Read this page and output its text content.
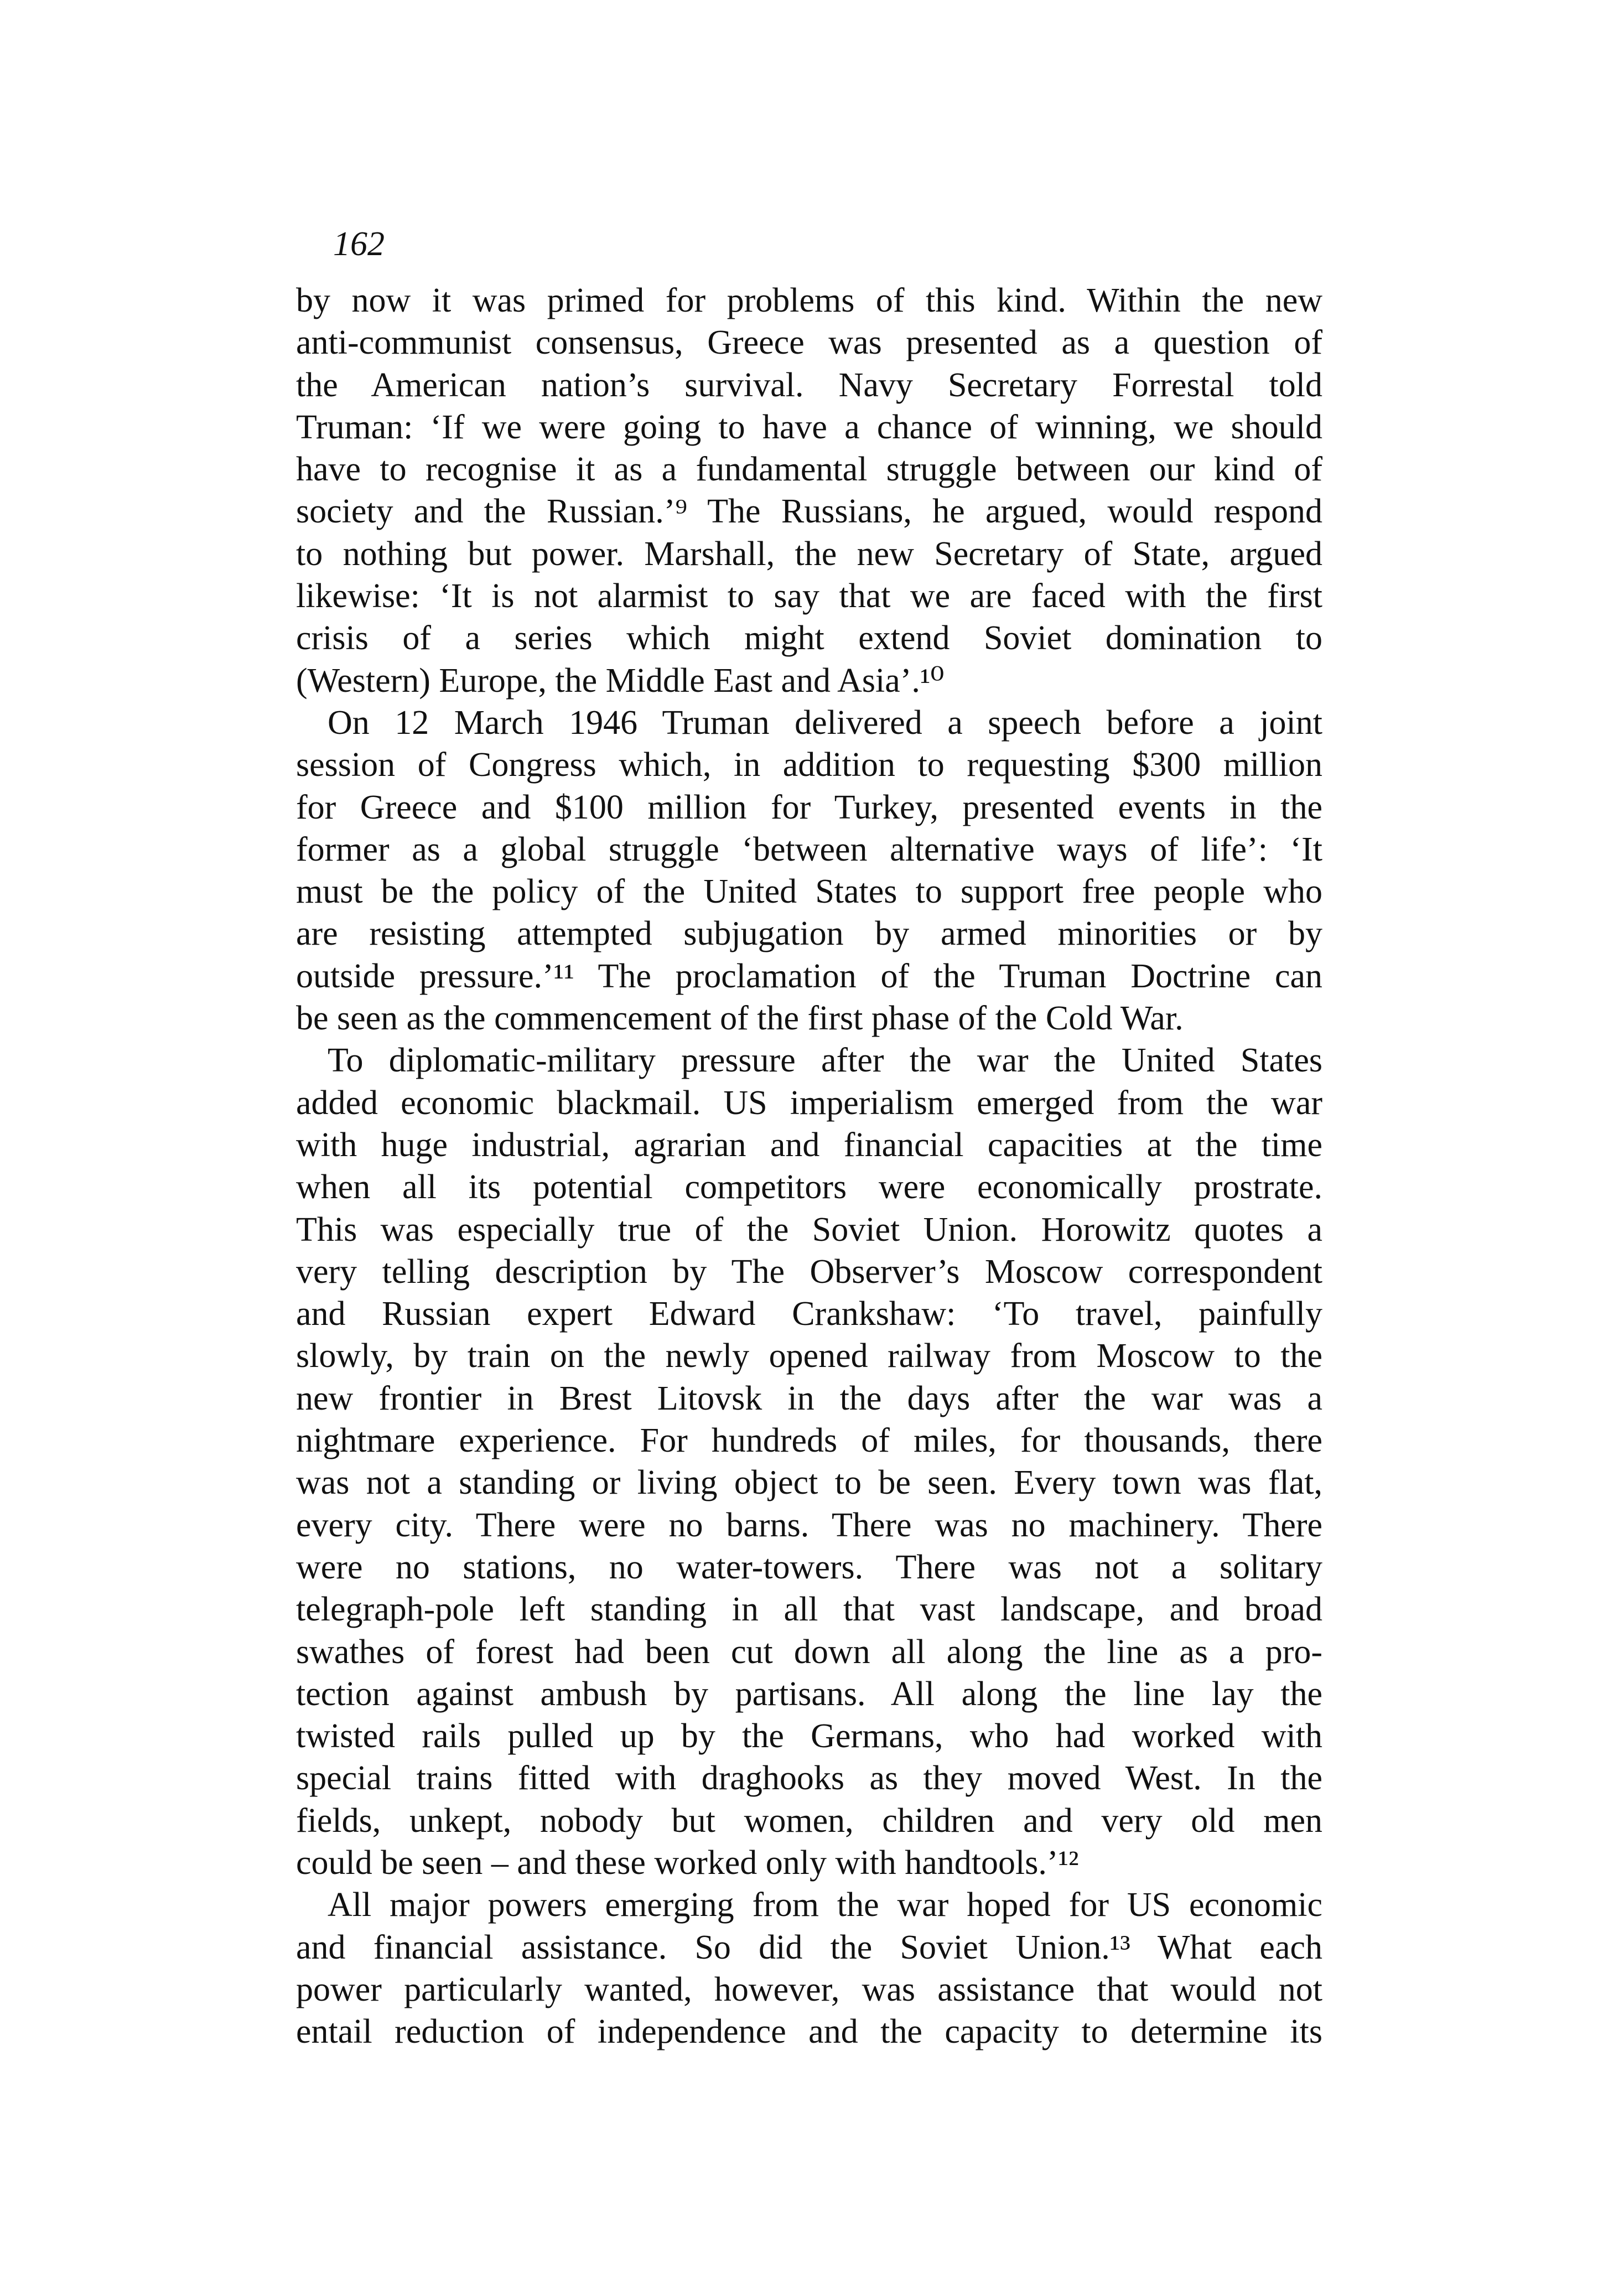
162
by now it was primed for problems of this kind. Within the new
anti-communist consensus, Greece was presented as a question of
the American nation’s survival. Navy Secretary Forrestal told
Truman: ‘If we were going to have a chance of winning, we should
have to recognise it as a fundamental struggle between our kind of
society and the Russian.’⁹ The Russians, he argued, would respond
to nothing but power. Marshall, the new Secretary of State, argued
likewise: ‘It is not alarmist to say that we are faced with the first
crisis of a series which might extend Soviet domination to
(Western) Europe, the Middle East and Asia’.¹⁰
On 12 March 1946 Truman delivered a speech before a joint
session of Congress which, in addition to requesting $300 million
for Greece and $100 million for Turkey, presented events in the
former as a global struggle ‘between alternative ways of life’: ‘It
must be the policy of the United States to support free people who
are resisting attempted subjugation by armed minorities or by
outside pressure.’¹¹ The proclamation of the Truman Doctrine can
be seen as the commencement of the first phase of the Cold War.
To diplomatic-military pressure after the war the United States
added economic blackmail. US imperialism emerged from the war
with huge industrial, agrarian and financial capacities at the time
when all its potential competitors were economically prostrate.
This was especially true of the Soviet Union. Horowitz quotes a
very telling description by The Observer’s Moscow correspondent
and Russian expert Edward Crankshaw: ‘To travel, painfully
slowly, by train on the newly opened railway from Moscow to the
new frontier in Brest Litovsk in the days after the war was a
nightmare experience. For hundreds of miles, for thousands, there
was not a standing or living object to be seen. Every town was flat,
every city. There were no barns. There was no machinery. There
were no stations, no water-towers. There was not a solitary
telegraph-pole left standing in all that vast landscape, and broad
swathes of forest had been cut down all along the line as a pro-
tection against ambush by partisans. All along the line lay the
twisted rails pulled up by the Germans, who had worked with
special trains fitted with draghooks as they moved West. In the
fields, unkept, nobody but women, children and very old men
could be seen – and these worked only with handtools.’¹²
All major powers emerging from the war hoped for US economic
and financial assistance. So did the Soviet Union.¹³ What each
power particularly wanted, however, was assistance that would not
entail reduction of independence and the capacity to determine its
